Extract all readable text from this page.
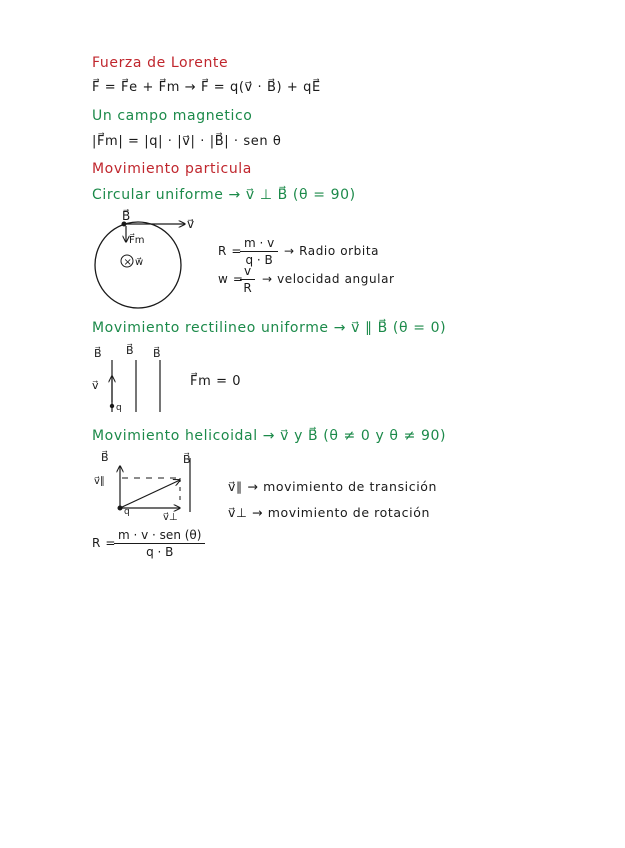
Fuerza de Lorente
F⃗ = F⃗e + F⃗m → F⃗ = q(v⃗ · B⃗) + qE⃗
Un campo magnetico
|F⃗m| = |q| · |v⃗| · |B⃗| · sen θ
Movimiento particula
Circular uniforme → v⃗ ⊥ B⃗ (θ = 90)
B⃗
v⃗
F⃗m
× w⃗
R =
$\frac{m \cdot v}{q \cdot B}$ → Radio orbita
w =
$\frac{v}{R}$ → velocidad angular
Movimiento rectilineo uniforme → v⃗ ∥ B⃗ (θ = 0)
B⃗ B⃗ B⃗
v⃗
q
F⃗m = 0
Movimiento helicoidal → v⃗ y B⃗ (θ ≠ 0 y θ ≠ 90)
B⃗	B⃗
v⃗∥
v⃗⊥
q
v⃗∥ → movimiento de transición
v⃗⊥ → movimiento de rotación
R =
m · v · sen (θ)
q · B
